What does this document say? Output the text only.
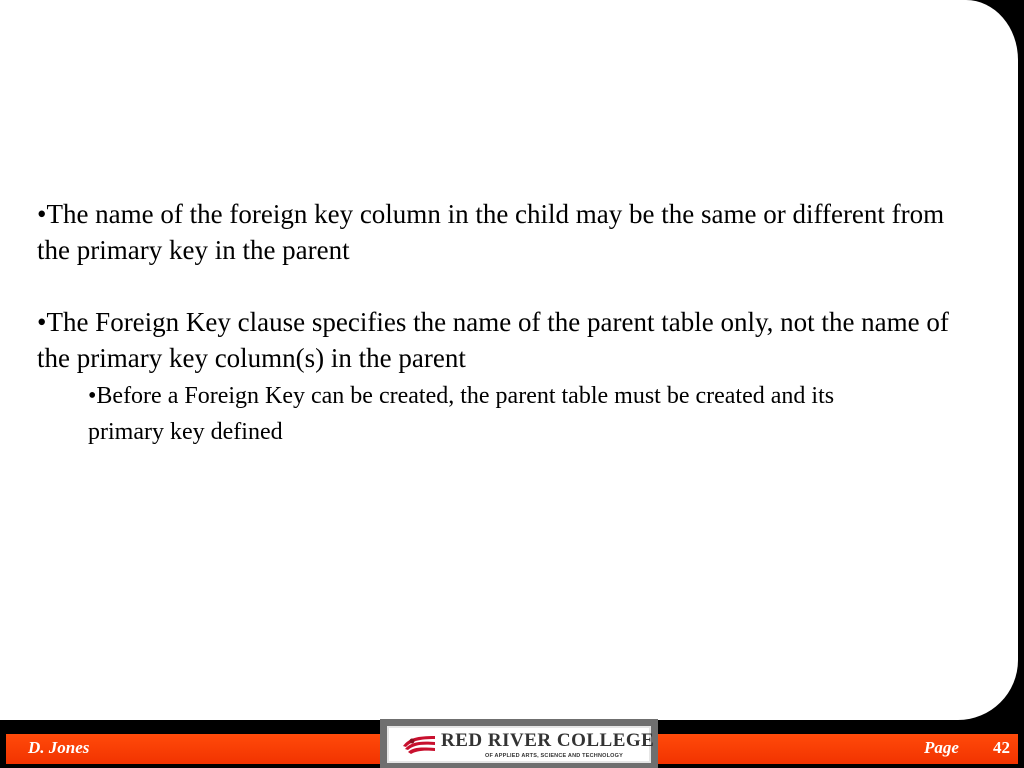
•The name of the foreign key column in the child may be the same or different from the primary key in the parent

•The Foreign Key clause specifies the name of the parent table only, not the name of the primary key column(s) in the parent

•Before a Foreign Key can be created, the parent table must be created and its primary key defined

D. Jones	RED RIVER COLLEGE
OF APPLIED ARTS, SCIENCE AND TECHNOLOGY	Page 42
